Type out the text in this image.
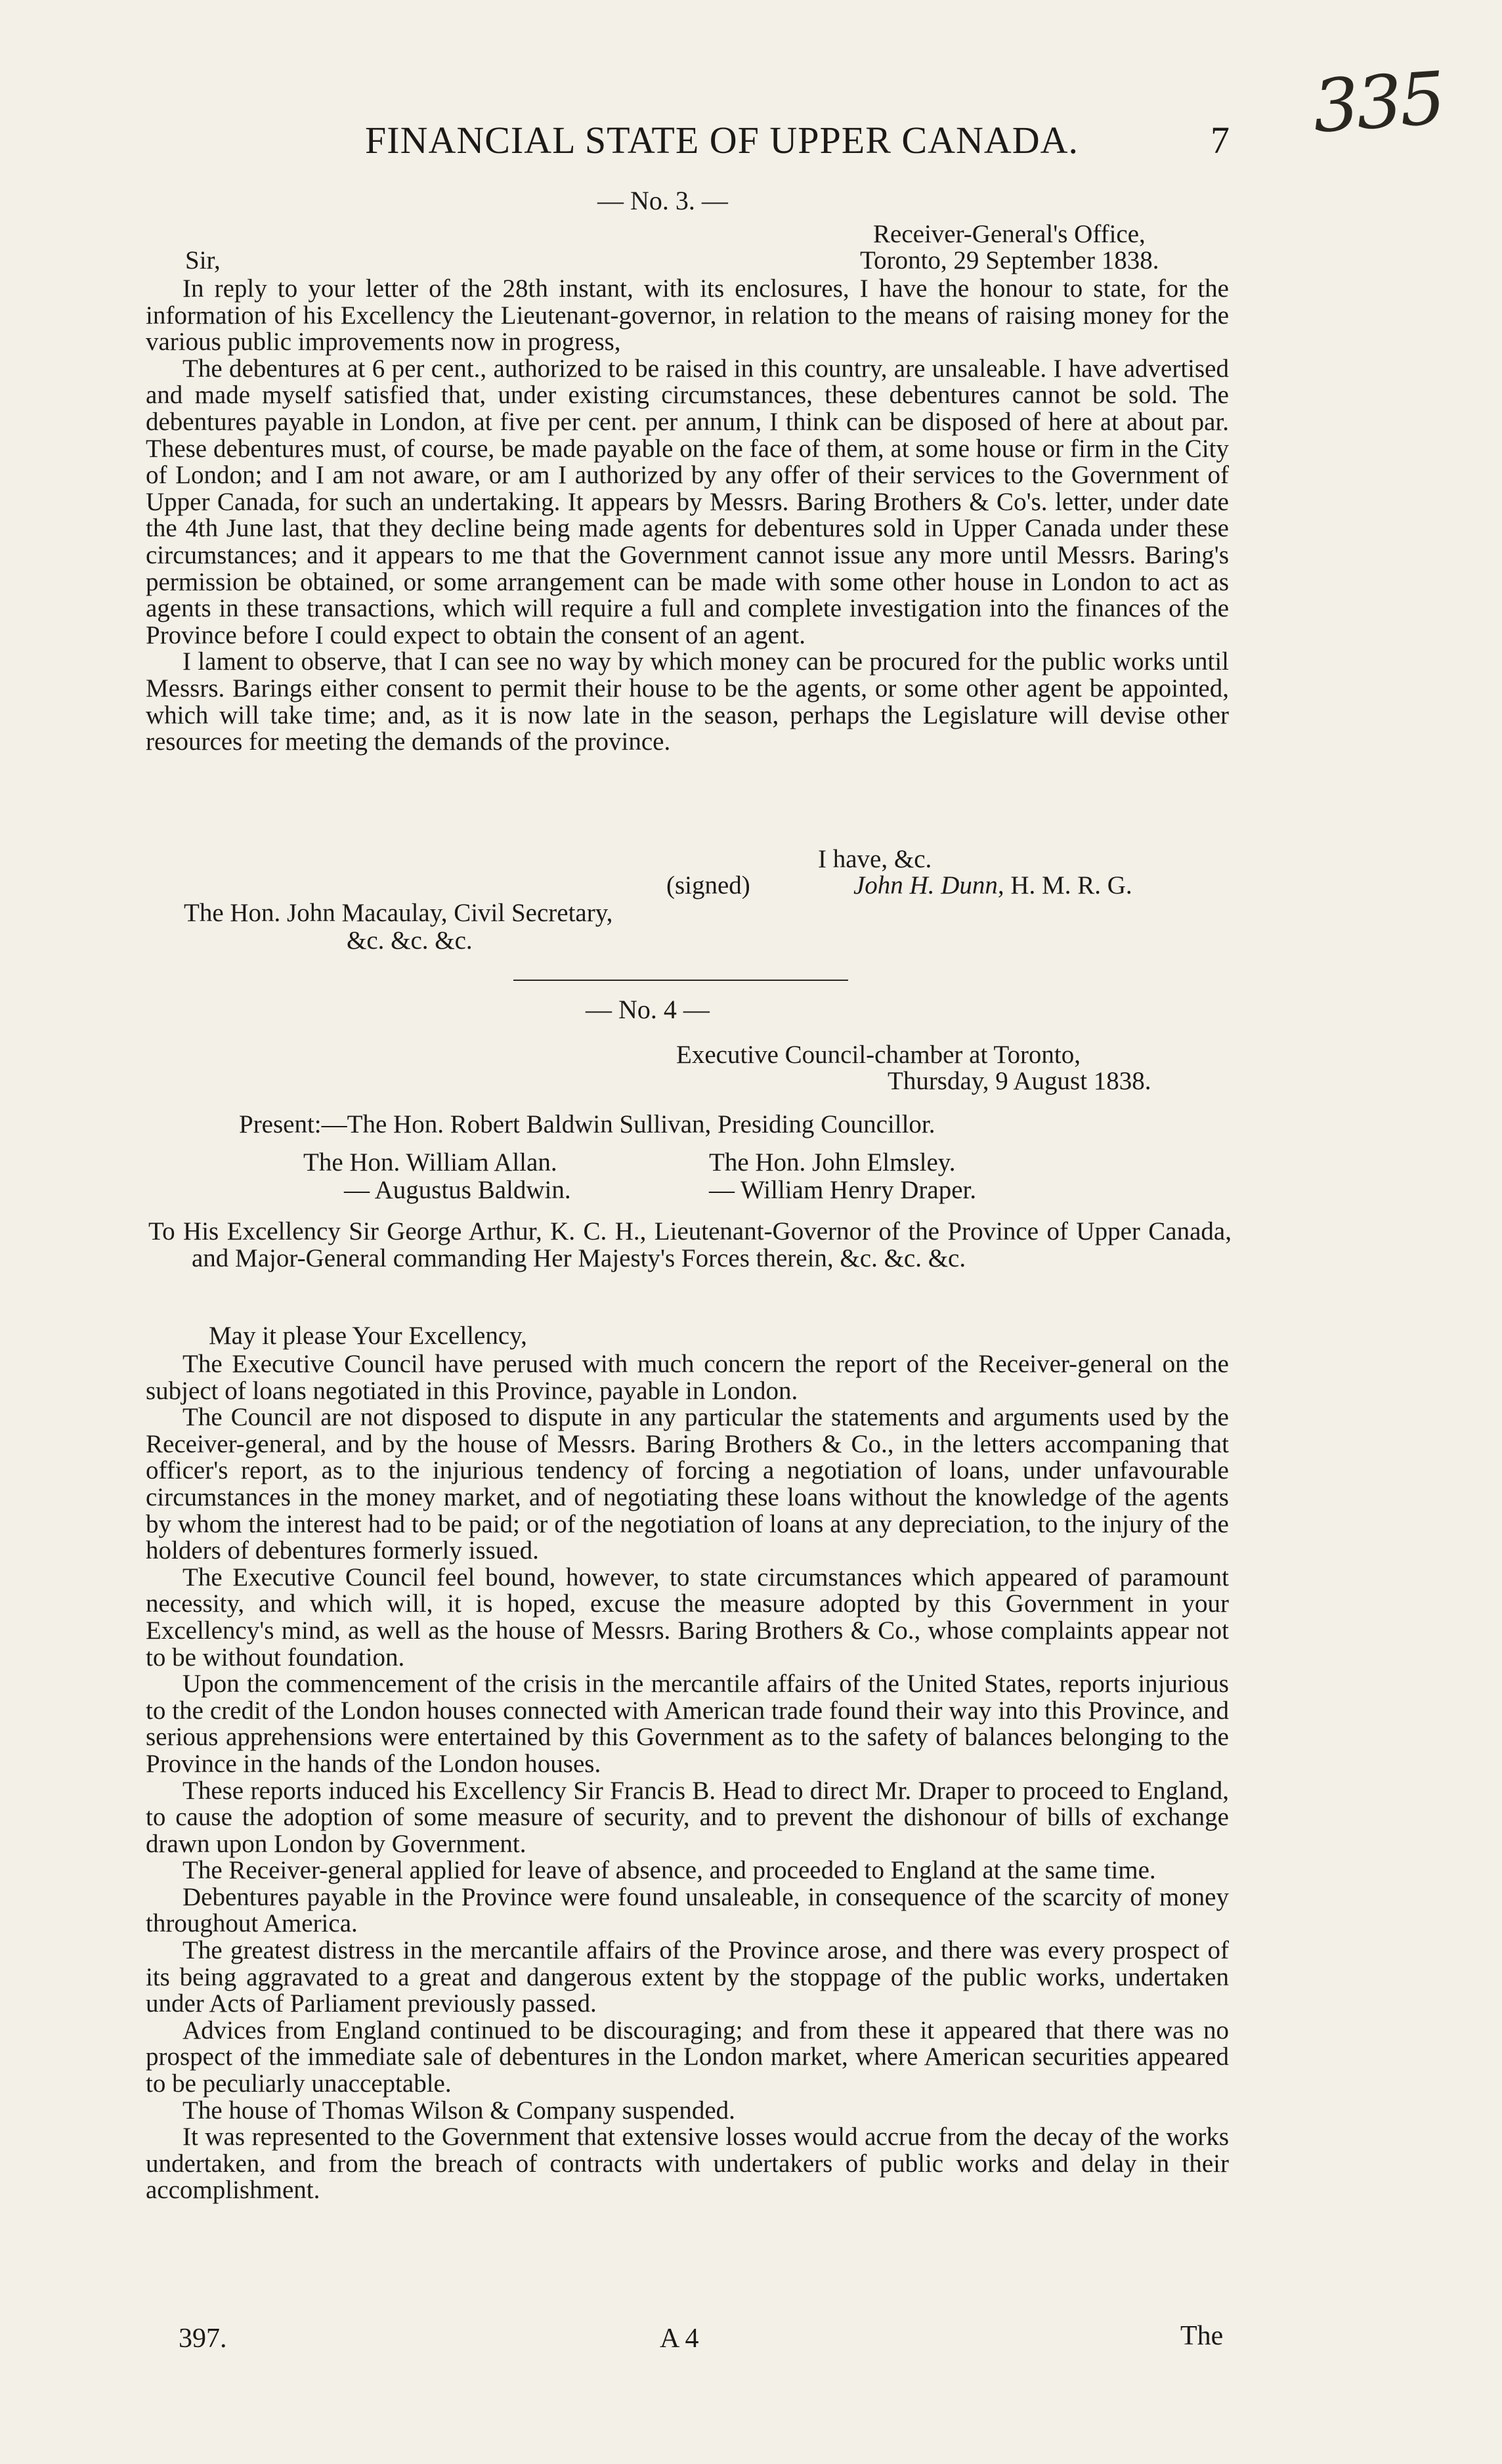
335
FINANCIAL STATE OF UPPER CANADA.	7
— No. 3. —
Receiver-General's Office,
Sir,	Toronto, 29 September 1838.

In reply to your letter of the 28th instant, with its enclosures, I have the honour to state, for the information of his Excellency the Lieutenant-governor, in relation to the means of raising money for the various public improvements now in progress,

The debentures at 6 per cent., authorized to be raised in this country, are unsaleable. I have advertised and made myself satisfied that, under existing circumstances, these debentures cannot be sold. The debentures payable in London, at five per cent. per annum, I think can be disposed of here at about par. These debentures must, of course, be made payable on the face of them, at some house or firm in the City of London; and I am not aware, or am I authorized by any offer of their services to the Government of Upper Canada, for such an undertaking. It appears by Messrs. Baring Brothers & Co's. letter, under date the 4th June last, that they decline being made agents for debentures sold in Upper Canada under these circumstances; and it appears to me that the Government cannot issue any more until Messrs. Baring's permission be obtained, or some arrangement can be made with some other house in London to act as agents in these transactions, which will require a full and complete investigation into the finances of the Province before I could expect to obtain the consent of an agent.

I lament to observe, that I can see no way by which money can be procured for the public works until Messrs. Barings either consent to permit their house to be the agents, or some other agent be appointed, which will take time; and, as it is now late in the season, perhaps the Legislature will devise other resources for meeting the demands of the province.

I have, &c.
(signed)	John H. Dunn, H. M. R. G.
The Hon. John Macaulay, Civil Secretary,
&c. &c. &c.
— No. 4 —
Executive Council-chamber at Toronto,
Thursday, 9 August 1838.
Present:—The Hon. Robert Baldwin Sullivan, Presiding Councillor.
The Hon. William Allan.
— Augustus Baldwin.
The Hon. John Elmsley.
— William Henry Draper.

To His Excellency Sir George Arthur, K. C. H., Lieutenant-Governor of the Province of Upper Canada, and Major-General commanding Her Majesty's Forces therein, &c. &c. &c.

May it please Your Excellency,

The Executive Council have perused with much concern the report of the Receiver-general on the subject of loans negotiated in this Province, payable in London.

The Council are not disposed to dispute in any particular the statements and arguments used by the Receiver-general, and by the house of Messrs. Baring Brothers & Co., in the letters accompaning that officer's report, as to the injurious tendency of forcing a negotiation of loans, under unfavourable circumstances in the money market, and of negotiating these loans without the knowledge of the agents by whom the interest had to be paid; or of the negotiation of loans at any depreciation, to the injury of the holders of debentures formerly issued.

The Executive Council feel bound, however, to state circumstances which appeared of paramount necessity, and which will, it is hoped, excuse the measure adopted by this Government in your Excellency's mind, as well as the house of Messrs. Baring Brothers & Co., whose complaints appear not to be without foundation.

Upon the commencement of the crisis in the mercantile affairs of the United States, reports injurious to the credit of the London houses connected with American trade found their way into this Province, and serious apprehensions were entertained by this Government as to the safety of balances belonging to the Province in the hands of the London houses.

These reports induced his Excellency Sir Francis B. Head to direct Mr. Draper to proceed to England, to cause the adoption of some measure of security, and to prevent the dishonour of bills of exchange drawn upon London by Government.

The Receiver-general applied for leave of absence, and proceeded to England at the same time.

Debentures payable in the Province were found unsaleable, in consequence of the scarcity of money throughout America.

The greatest distress in the mercantile affairs of the Province arose, and there was every prospect of its being aggravated to a great and dangerous extent by the stoppage of the public works, undertaken under Acts of Parliament previously passed.

Advices from England continued to be discouraging; and from these it appeared that there was no prospect of the immediate sale of debentures in the London market, where American securities appeared to be peculiarly unacceptable.

The house of Thomas Wilson & Company suspended.

It was represented to the Government that extensive losses would accrue from the decay of the works undertaken, and from the breach of contracts with undertakers of public works and delay in their accomplishment.

397.	A 4	The
